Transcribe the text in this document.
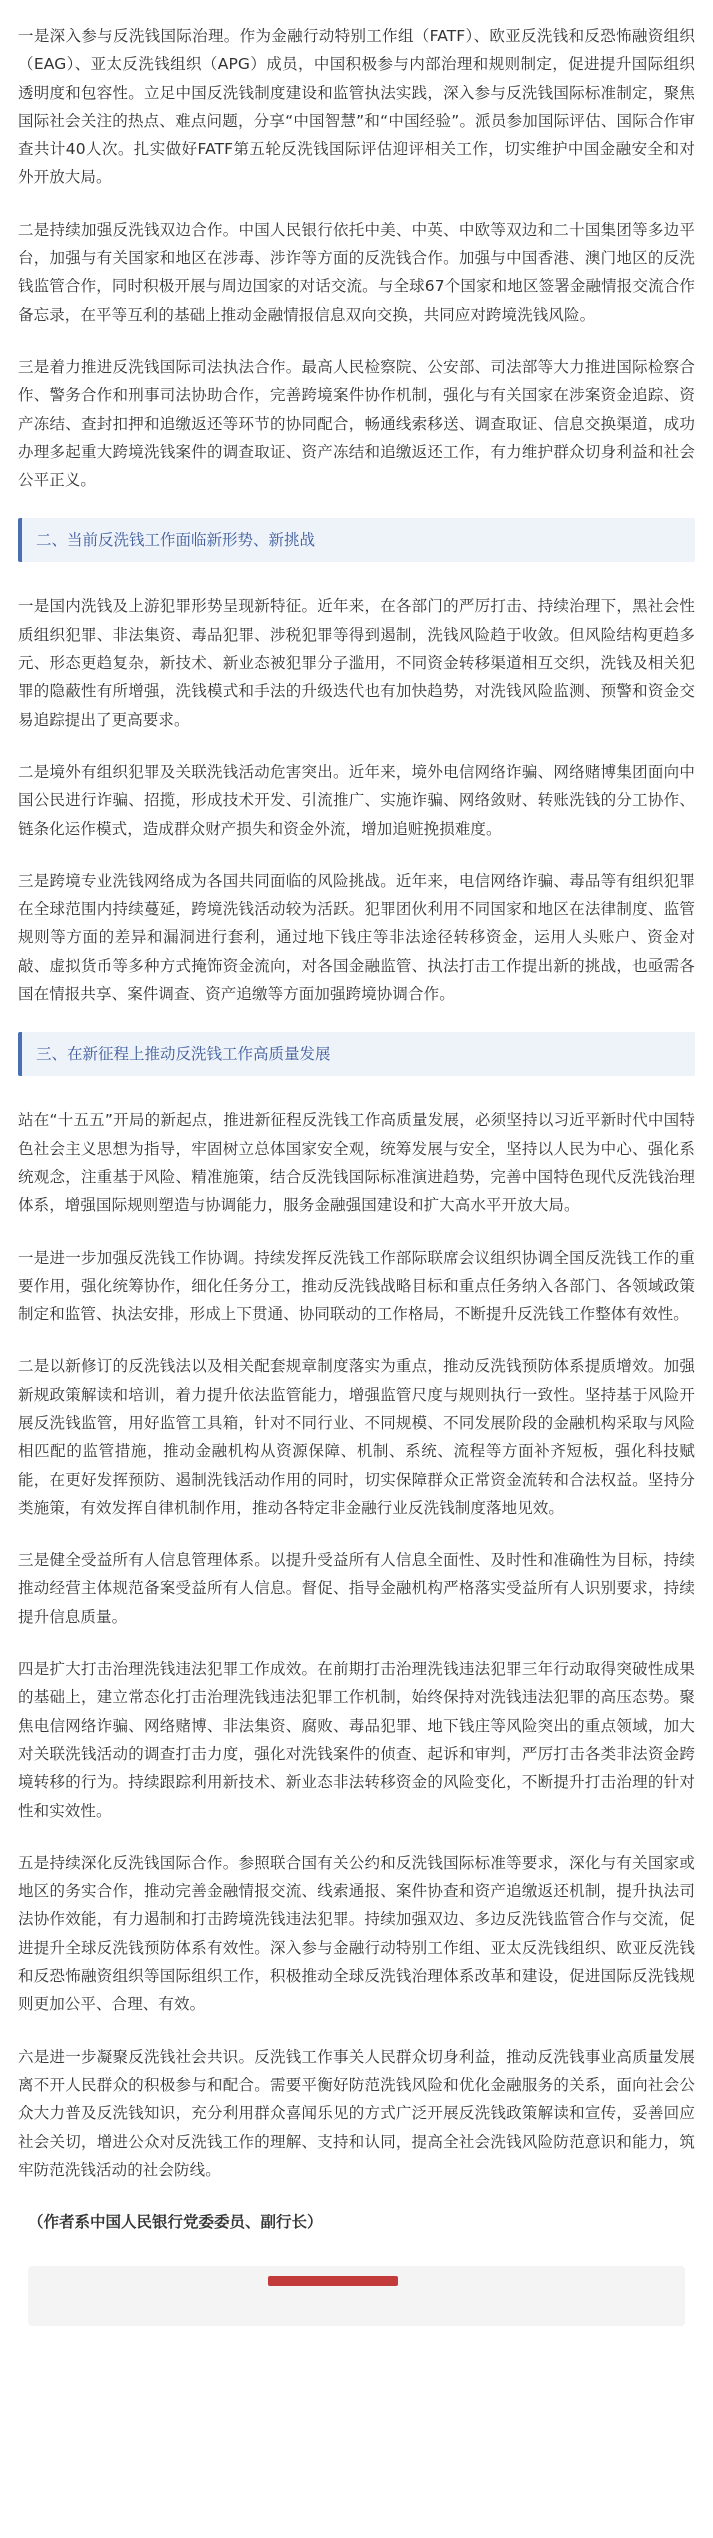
一是深入参与反洗钱国际治理。作为金融行动特别工作组（FATF）、欧亚反洗钱和反恐怖融资组织（EAG）、亚太反洗钱组织（APG）成员，中国积极参与内部治理和规则制定，促进提升国际组织透明度和包容性。立足中国反洗钱制度建设和监管执法实践，深入参与反洗钱国际标准制定，聚焦国际社会关注的热点、难点问题，分享“中国智慧”和“中国经验”。派员参加国际评估、国际合作审查共计40人次。扎实做好FATF第五轮反洗钱国际评估迎评相关工作，切实维护中国金融安全和对外开放大局。

二是持续加强反洗钱双边合作。中国人民银行依托中美、中英、中欧等双边和二十国集团等多边平台，加强与有关国家和地区在涉毒、涉诈等方面的反洗钱合作。加强与中国香港、澳门地区的反洗钱监管合作，同时积极开展与周边国家的对话交流。与全球67个国家和地区签署金融情报交流合作备忘录，在平等互利的基础上推动金融情报信息双向交换，共同应对跨境洗钱风险。

三是着力推进反洗钱国际司法执法合作。最高人民检察院、公安部、司法部等大力推进国际检察合作、警务合作和刑事司法协助合作，完善跨境案件协作机制，强化与有关国家在涉案资金追踪、资产冻结、查封扣押和追缴返还等环节的协同配合，畅通线索移送、调查取证、信息交换渠道，成功办理多起重大跨境洗钱案件的调查取证、资产冻结和追缴返还工作，有力维护群众切身利益和社会公平正义。

二、当前反洗钱工作面临新形势、新挑战

一是国内洗钱及上游犯罪形势呈现新特征。近年来，在各部门的严厉打击、持续治理下，黑社会性质组织犯罪、非法集资、毒品犯罪、涉税犯罪等得到遏制，洗钱风险趋于收敛。但风险结构更趋多元、形态更趋复杂，新技术、新业态被犯罪分子滥用，不同资金转移渠道相互交织，洗钱及相关犯罪的隐蔽性有所增强，洗钱模式和手法的升级迭代也有加快趋势，对洗钱风险监测、预警和资金交易追踪提出了更高要求。

二是境外有组织犯罪及关联洗钱活动危害突出。近年来，境外电信网络诈骗、网络赌博集团面向中国公民进行诈骗、招揽，形成技术开发、引流推广、实施诈骗、网络敛财、转账洗钱的分工协作、链条化运作模式，造成群众财产损失和资金外流，增加追赃挽损难度。

三是跨境专业洗钱网络成为各国共同面临的风险挑战。近年来，电信网络诈骗、毒品等有组织犯罪在全球范围内持续蔓延，跨境洗钱活动较为活跃。犯罪团伙利用不同国家和地区在法律制度、监管规则等方面的差异和漏洞进行套利，通过地下钱庄等非法途径转移资金，运用人头账户、资金对敲、虚拟货币等多种方式掩饰资金流向，对各国金融监管、执法打击工作提出新的挑战，也亟需各国在情报共享、案件调查、资产追缴等方面加强跨境协调合作。

三、在新征程上推动反洗钱工作高质量发展

站在“十五五”开局的新起点，推进新征程反洗钱工作高质量发展，必须坚持以习近平新时代中国特色社会主义思想为指导，牢固树立总体国家安全观，统筹发展与安全，坚持以人民为中心、强化系统观念，注重基于风险、精准施策，结合反洗钱国际标准演进趋势，完善中国特色现代反洗钱治理体系，增强国际规则塑造与协调能力，服务金融强国建设和扩大高水平开放大局。

一是进一步加强反洗钱工作协调。持续发挥反洗钱工作部际联席会议组织协调全国反洗钱工作的重要作用，强化统筹协作，细化任务分工，推动反洗钱战略目标和重点任务纳入各部门、各领域政策制定和监管、执法安排，形成上下贯通、协同联动的工作格局，不断提升反洗钱工作整体有效性。

二是以新修订的反洗钱法以及相关配套规章制度落实为重点，推动反洗钱预防体系提质增效。加强新规政策解读和培训，着力提升依法监管能力，增强监管尺度与规则执行一致性。坚持基于风险开展反洗钱监管，用好监管工具箱，针对不同行业、不同规模、不同发展阶段的金融机构采取与风险相匹配的监管措施，推动金融机构从资源保障、机制、系统、流程等方面补齐短板，强化科技赋能，在更好发挥预防、遏制洗钱活动作用的同时，切实保障群众正常资金流转和合法权益。坚持分类施策，有效发挥自律机制作用，推动各特定非金融行业反洗钱制度落地见效。

三是健全受益所有人信息管理体系。以提升受益所有人信息全面性、及时性和准确性为目标，持续推动经营主体规范备案受益所有人信息。督促、指导金融机构严格落实受益所有人识别要求，持续提升信息质量。

四是扩大打击治理洗钱违法犯罪工作成效。在前期打击治理洗钱违法犯罪三年行动取得突破性成果的基础上，建立常态化打击治理洗钱违法犯罪工作机制，始终保持对洗钱违法犯罪的高压态势。聚焦电信网络诈骗、网络赌博、非法集资、腐败、毒品犯罪、地下钱庄等风险突出的重点领域，加大对关联洗钱活动的调查打击力度，强化对洗钱案件的侦查、起诉和审判，严厉打击各类非法资金跨境转移的行为。持续跟踪利用新技术、新业态非法转移资金的风险变化，不断提升打击治理的针对性和实效性。

五是持续深化反洗钱国际合作。参照联合国有关公约和反洗钱国际标准等要求，深化与有关国家或地区的务实合作，推动完善金融情报交流、线索通报、案件协查和资产追缴返还机制，提升执法司法协作效能，有力遏制和打击跨境洗钱违法犯罪。持续加强双边、多边反洗钱监管合作与交流，促进提升全球反洗钱预防体系有效性。深入参与金融行动特别工作组、亚太反洗钱组织、欧亚反洗钱和反恐怖融资组织等国际组织工作，积极推动全球反洗钱治理体系改革和建设，促进国际反洗钱规则更加公平、合理、有效。

六是进一步凝聚反洗钱社会共识。反洗钱工作事关人民群众切身利益，推动反洗钱事业高质量发展离不开人民群众的积极参与和配合。需要平衡好防范洗钱风险和优化金融服务的关系，面向社会公众大力普及反洗钱知识，充分利用群众喜闻乐见的方式广泛开展反洗钱政策解读和宣传，妥善回应社会关切，增进公众对反洗钱工作的理解、支持和认同，提高全社会洗钱风险防范意识和能力，筑牢防范洗钱活动的社会防线。

（作者系中国人民银行党委委员、副行长）
